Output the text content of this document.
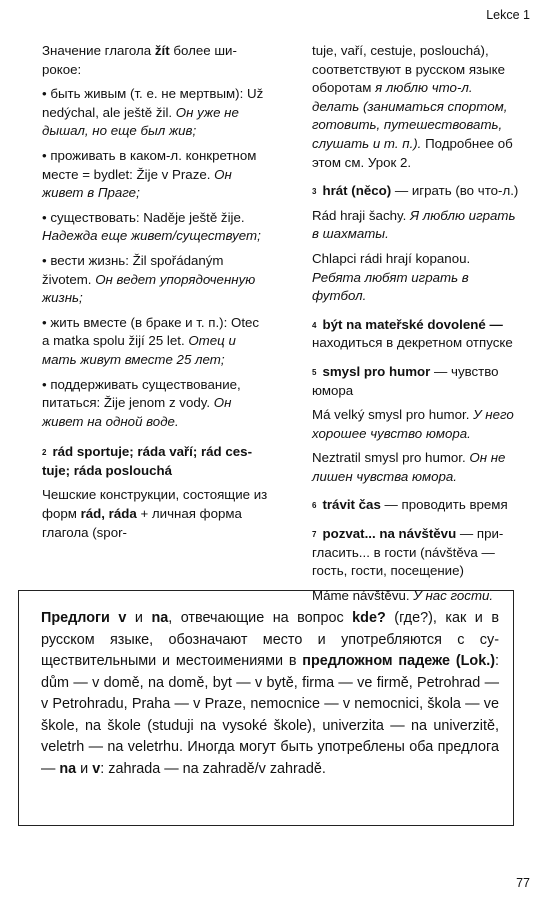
Lekce 1

Значение глагола žít более широкое:

• быть живым (т. е. не мертвым): Už nedýchal, ale ještě žil. Он уже не дышал, но еще был жив;

• проживать в каком-л. конкретном месте = bydlet: Žije v Praze. Он живет в Праге;

• существовать: Naděje ještě žije. Надежда еще живет/существует;

• вести жизнь: Žil spořádaným životem. Он ведет упорядоченную жизнь;

• жить вместе (в браке и т. п.): Otec a matka spolu žijí 25 let. Отец и мать живут вместе 25 лет;

• поддерживать существование, питаться: Žije jenom z vody. Он живет на одной воде.

$^2$ rád sportuje; ráda vaří; rád cestuje; ráda poslouchá

Чешские конструкции, состоящие из форм rád, ráda + личная форма глагола (spor-

tuje, vaří, cestuje, poslouchá), соответствуют в русском языке оборотам я люблю что-л. делать (заниматься спортом, готовить, путешествовать, слушать и т. п.). Подробнее об этом см. Урок 2.

$^3$ hrát (něco) — играть (во что-л.)

Rád hraji šachy. Я люблю играть в шахматы.

Chlapci rádi hrají kopanou. Ребята любят играть в футбол.

$^4$ být na mateřské dovolené — находиться в декретном отпуске

$^5$ smysl pro humor — чувство юмора

Má velký smysl pro humor. У него хорошее чувство юмора.

Neztratil smysl pro humor. Он не лишен чувства юмора.

$^6$ trávit čas — проводить время

$^7$ pozvat... na návštěvu — пригласить... в гости (návštěva — гость, гости, посещение)

Máme návštěvu. У нас гости.

Предлоги v и na, отвечающие на вопрос kde? (где?), как и в русском языке, обозначают место и употребляются с существительными и местоимениями в предложном падеже (Lok.): dům — v domě, na domě, byt — v bytě, firma — ve firmě, Petrohrad — v Petrohradu, Praha — v Praze, nemocnice — v nemocnici, škola — ve škole, na škole (studuji na vysoké škole), univerzita — na univerzitě, veletrh — na veletrhu. Иногда могут быть употреблены оба предлога — na и v: zahrada — na zahradě/v zahradě.
77
